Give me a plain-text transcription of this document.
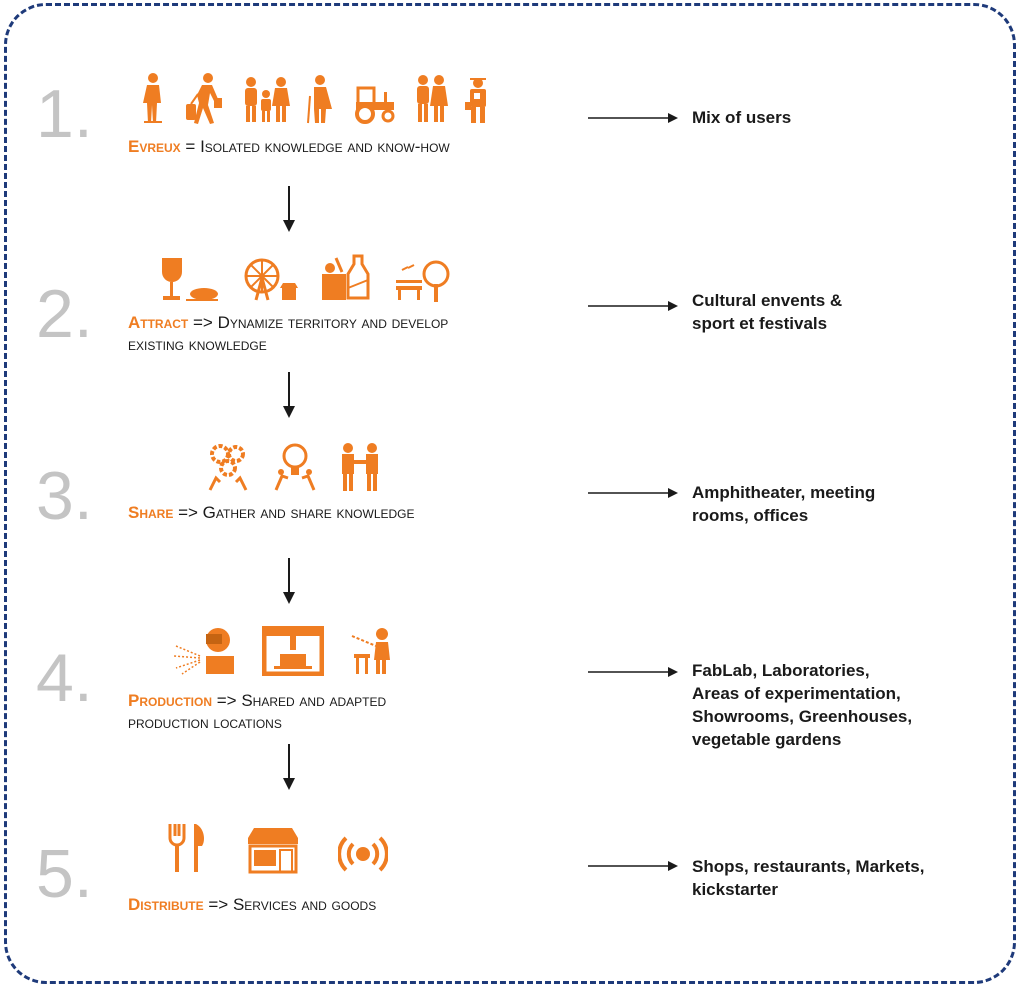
1. Evreux = Isolated knowledge and know-how
Mix of users
2. Attract => Dynamize territory and develop
existing knowledge
Cultural envents &
sport et festivals
3. Share => Gather and share knowledge
Amphitheater, meeting
rooms, offices
4. Production => Shared and adapted
production locations
FabLab, Laboratories,
Areas of experimentation,
Showrooms, Greenhouses,
vegetable gardens
5. Distribute => Services and goods
Shops, restaurants, Markets,
kickstarter
